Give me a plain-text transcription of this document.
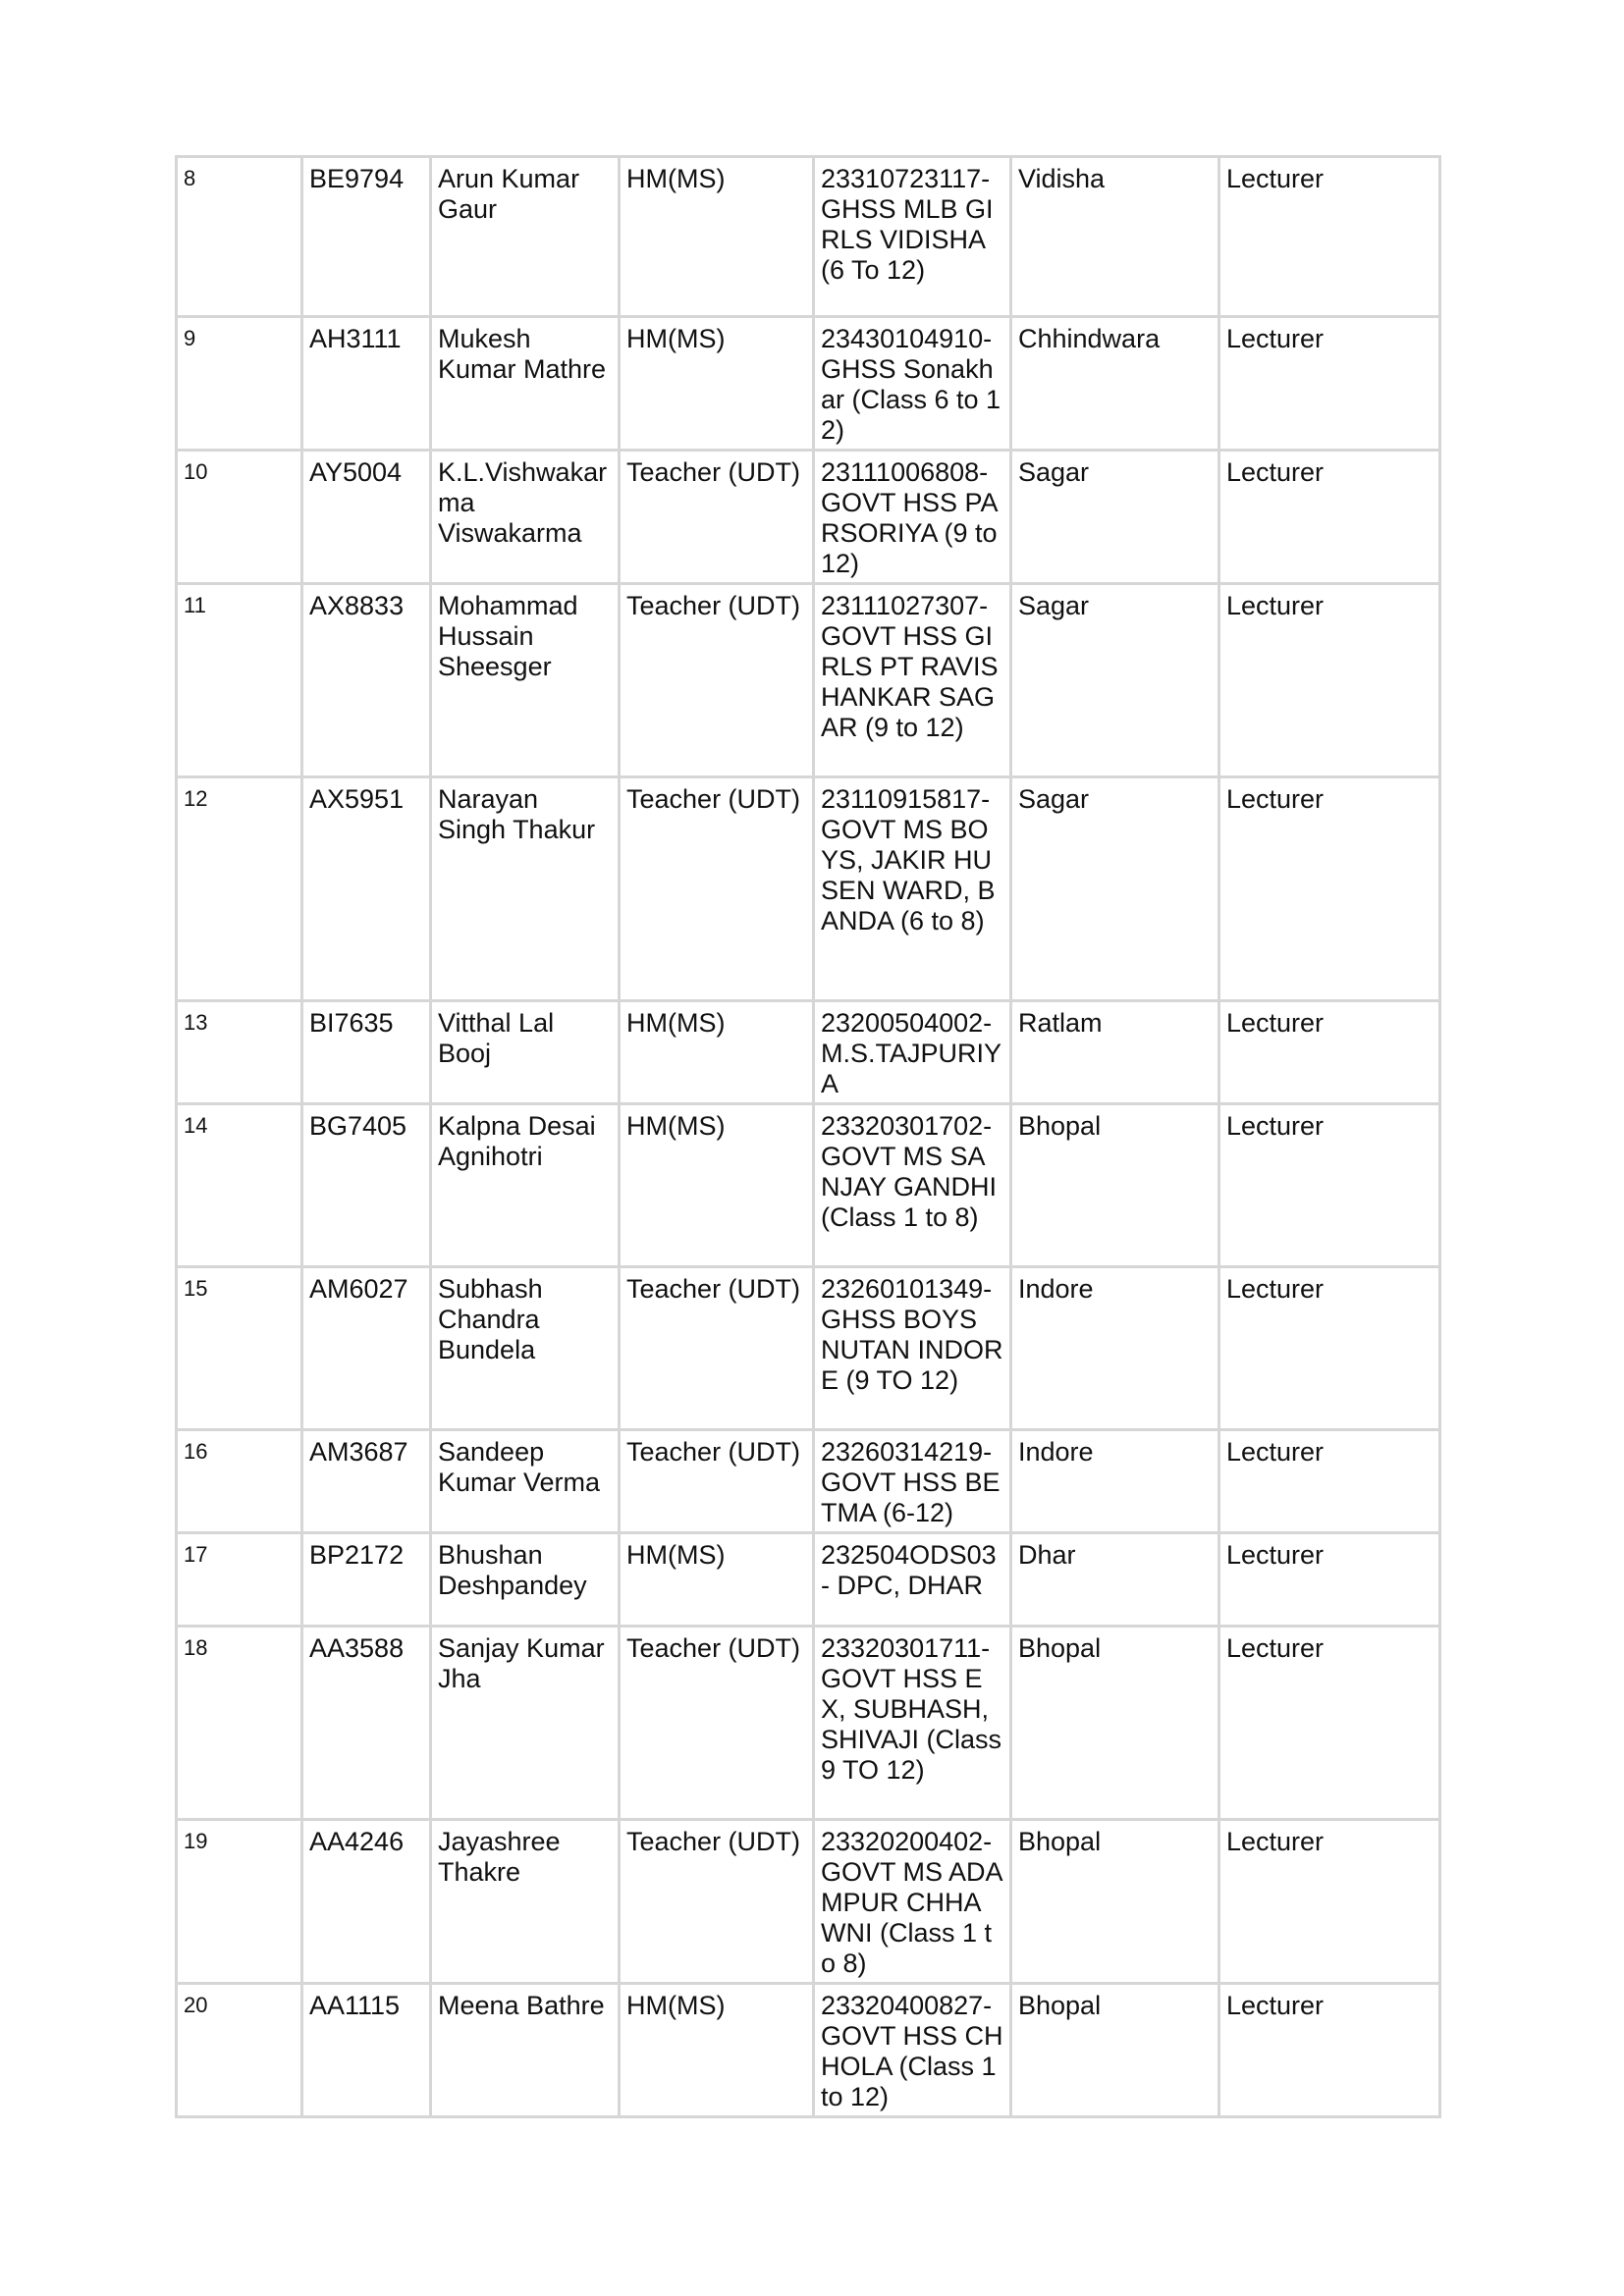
8	BE9794	Arun Kumar Gaur	HM(MS)	23310723117-GHSS MLB GIRLS VIDISHA (6 To 12)	Vidisha	Lecturer
9	AH3111	Mukesh Kumar Mathre	HM(MS)	23430104910-GHSS Sonakhar (Class 6 to 12)	Chhindwara	Lecturer
10	AY5004	K.L.Vishwakarma Viswakarma	Teacher (UDT)	23111006808-GOVT HSS PARSORIYA (9 to 12)	Sagar	Lecturer
11	AX8833	Mohammad Hussain Sheesger	Teacher (UDT)	23111027307-GOVT HSS GIRLS PT RAVISHANKAR SAGAR (9 to 12)	Sagar	Lecturer
12	AX5951	Narayan Singh Thakur	Teacher (UDT)	23110915817-GOVT MS BOYS, JAKIR HUSEN WARD, BANDA (6 to 8)	Sagar	Lecturer
13	BI7635	Vitthal Lal Booj	HM(MS)	23200504002-M.S.TAJPURIYA	Ratlam	Lecturer
14	BG7405	Kalpna Desai Agnihotri	HM(MS)	23320301702-GOVT MS SANJAY GANDHI (Class 1 to 8)	Bhopal	Lecturer
15	AM6027	Subhash Chandra Bundela	Teacher (UDT)	23260101349-GHSS BOYS NUTAN INDORE (9 TO 12)	Indore	Lecturer
16	AM3687	Sandeep Kumar Verma	Teacher (UDT)	23260314219-GOVT HSS BETMA (6-12)	Indore	Lecturer
17	BP2172	Bhushan Deshpandey	HM(MS)	232504ODS03 - DPC, DHAR	Dhar	Lecturer
18	AA3588	Sanjay Kumar Jha	Teacher (UDT)	23320301711-GOVT HSS EX, SUBHASH,SHIVAJI (Class 9 TO 12)	Bhopal	Lecturer
19	AA4246	Jayashree Thakre	Teacher (UDT)	23320200402-GOVT MS ADAMPUR CHHAWNI (Class 1 to 8)	Bhopal	Lecturer
20	AA1115	Meena Bathre	HM(MS)	23320400827-GOVT HSS CHHOLA (Class 1 to 12)	Bhopal	Lecturer
